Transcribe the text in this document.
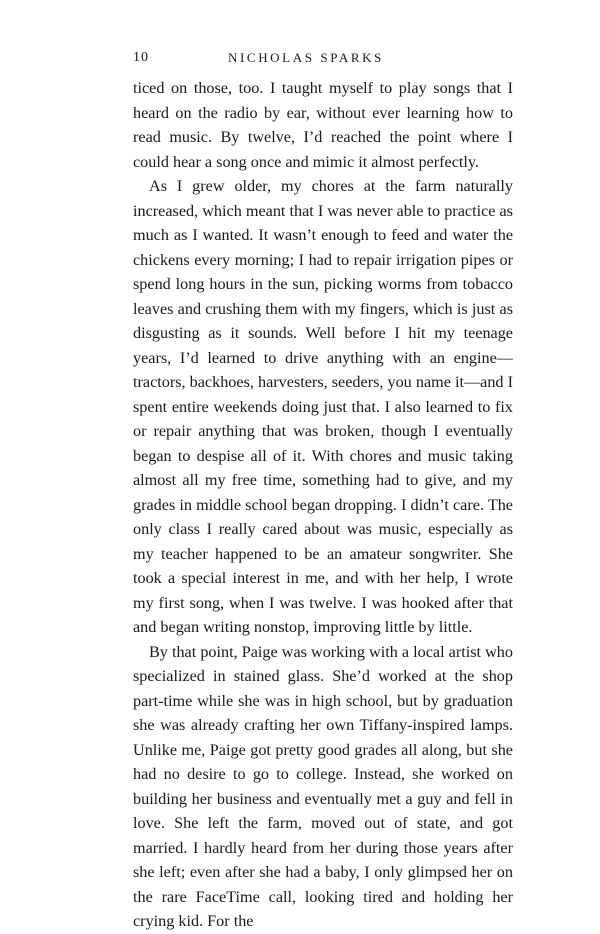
10	NICHOLAS SPARKS

ticed on those, too. I taught myself to play songs that I heard on the radio by ear, without ever learning how to read music. By twelve, I’d reached the point where I could hear a song once and mimic it almost perfectly.

As I grew older, my chores at the farm naturally increased, which meant that I was never able to practice as much as I wanted. It wasn’t enough to feed and water the chickens every morning; I had to repair irrigation pipes or spend long hours in the sun, picking worms from tobacco leaves and crushing them with my fingers, which is just as disgusting as it sounds. Well before I hit my teenage years, I’d learned to drive anything with an engine—tractors, backhoes, harvesters, seeders, you name it—and I spent entire weekends doing just that. I also learned to fix or repair anything that was broken, though I eventually began to despise all of it. With chores and music taking almost all my free time, something had to give, and my grades in middle school began dropping. I didn’t care. The only class I really cared about was music, especially as my teacher happened to be an amateur songwriter. She took a special interest in me, and with her help, I wrote my first song, when I was twelve. I was hooked after that and began writing nonstop, improving little by little.

By that point, Paige was working with a local artist who specialized in stained glass. She’d worked at the shop part-time while she was in high school, but by graduation she was already crafting her own Tiffany-inspired lamps. Unlike me, Paige got pretty good grades all along, but she had no desire to go to college. Instead, she worked on building her business and eventually met a guy and fell in love. She left the farm, moved out of state, and got married. I hardly heard from her during those years after she left; even after she had a baby, I only glimpsed her on the rare FaceTime call, looking tired and holding her crying kid. For the
